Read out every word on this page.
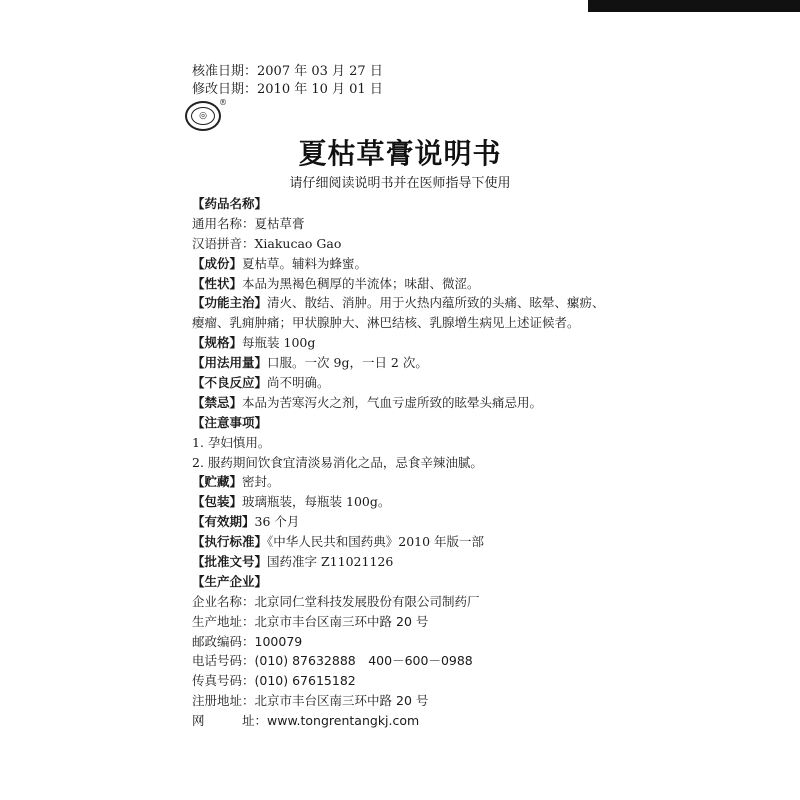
核准日期：2007 年 03 月 27 日
修改日期：2010 年 10 月 01 日
◎
®
夏枯草膏说明书
请仔细阅读说明书并在医师指导下使用
【药品名称】
通用名称：夏枯草膏
汉语拼音：Xiakucao Gao
【成份】夏枯草。辅料为蜂蜜。
【性状】本品为黑褐色稠厚的半流体；味甜、微涩。
【功能主治】清火、散结、消肿。用于火热内蕴所致的头痛、眩晕、瘰疬、
瘿瘤、乳痈肿痛；甲状腺肿大、淋巴结核、乳腺增生病见上述证候者。
【规格】每瓶装 100g
【用法用量】口服。一次 9g，一日 2 次。
【不良反应】尚不明确。
【禁忌】本品为苦寒泻火之剂，气血亏虚所致的眩晕头痛忌用。
【注意事项】
1. 孕妇慎用。
2. 服药期间饮食宜清淡易消化之品，忌食辛辣油腻。
【贮藏】密封。
【包装】玻璃瓶装，每瓶装 100g。
【有效期】36 个月
【执行标准】《中华人民共和国药典》2010 年版一部
【批准文号】国药准字 Z11021126
【生产企业】
企业名称：北京同仁堂科技发展股份有限公司制药厂
生产地址：北京市丰台区南三环中路 20 号
邮政编码：100079
电话号码：(010) 87632888　400－600－0988
传真号码：(010) 67615182
注册地址：北京市丰台区南三环中路 20 号
网	址：www.tongrentangkj.com
